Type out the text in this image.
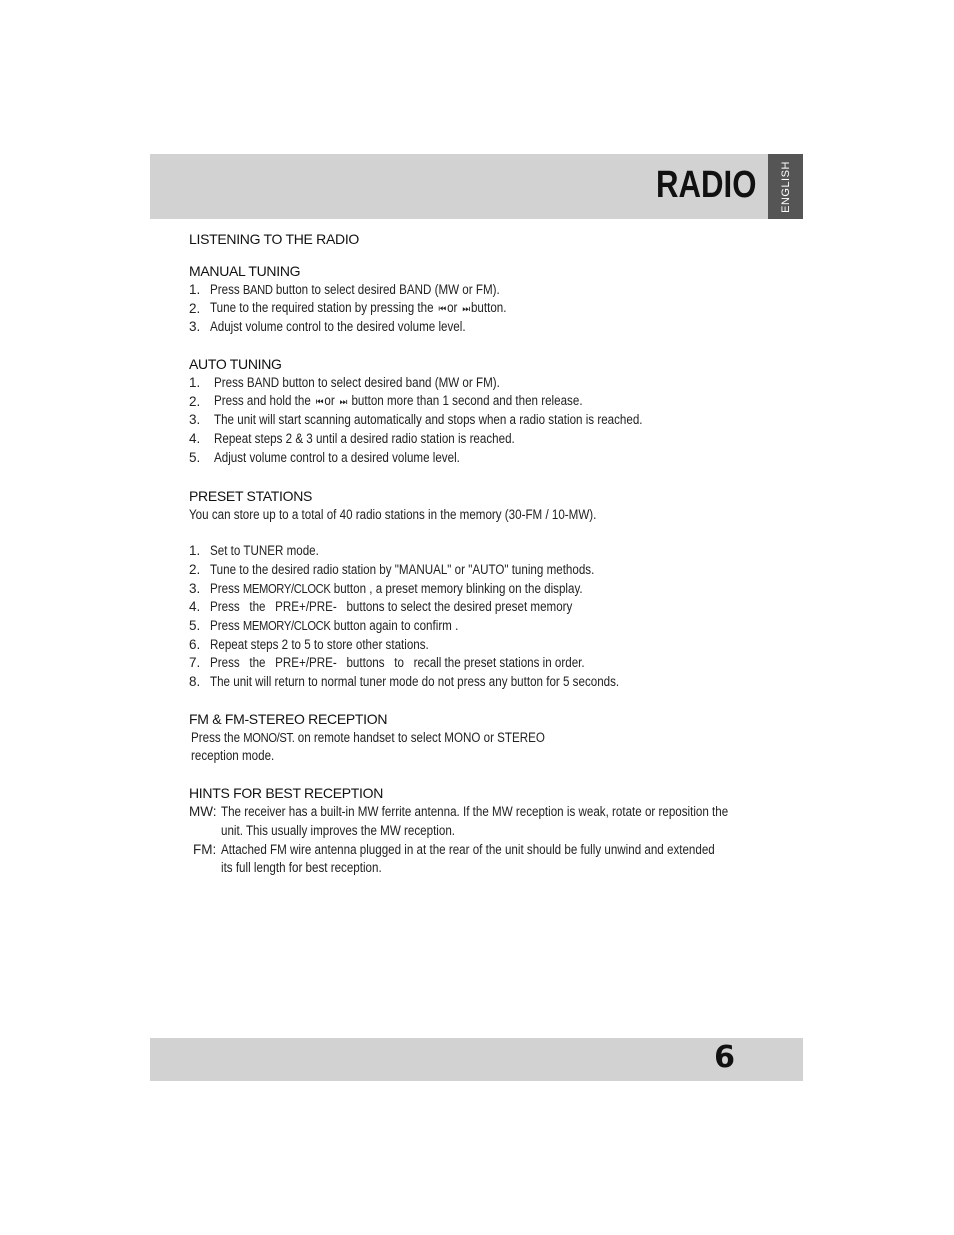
RADIO ENGLISH
LISTENING TO THE RADIO
MANUAL TUNING
1. Press BAND button to select desired BAND (MW or FM).
2. Tune to the required station by pressing the ⏮ or ⏭ button.
3. Adujst volume control to the desired volume level.
AUTO TUNING
1.	Press BAND button to select desired band (MW or FM).
2.	Press and hold the ⏮ or ⏭ button more than 1 second and then release.
3.	The unit will start scanning automatically and stops when a radio station is reached.
4.	Repeat steps 2 & 3 until a desired radio station is reached.
5.	Adjust volume control to a desired volume level.
PRESET STATIONS
You can store up to a total of 40 radio stations in the memory (30-FM / 10-MW).
1. Set to TUNER mode.
2. Tune to the desired radio station by "MANUAL" or "AUTO" tuning methods.
3. Press MEMORY/CLOCK button , a preset memory blinking on the display.
4. Press   the   PRE+/PRE-   buttons to select the desired preset memory
5. Press MEMORY/CLOCK button again to confirm .
6. Repeat steps 2 to 5 to store other stations.
7. Press   the   PRE+/PRE-   buttons   to   recall the preset stations in order.
8. The unit will return to normal tuner mode do not press any button for 5 seconds.
FM & FM-STEREO RECEPTION
Press the MONO/ST. on remote handset to select MONO or STEREO
reception mode.
HINTS FOR BEST RECEPTION
MW: The receiver has a built-in MW ferrite antenna. If the MW reception is weak, rotate or reposition the
unit. This usually improves the MW reception.
FM: Attached FM wire antenna plugged in at the rear of the unit should be fully unwind and extended
its full length for best reception.
6
